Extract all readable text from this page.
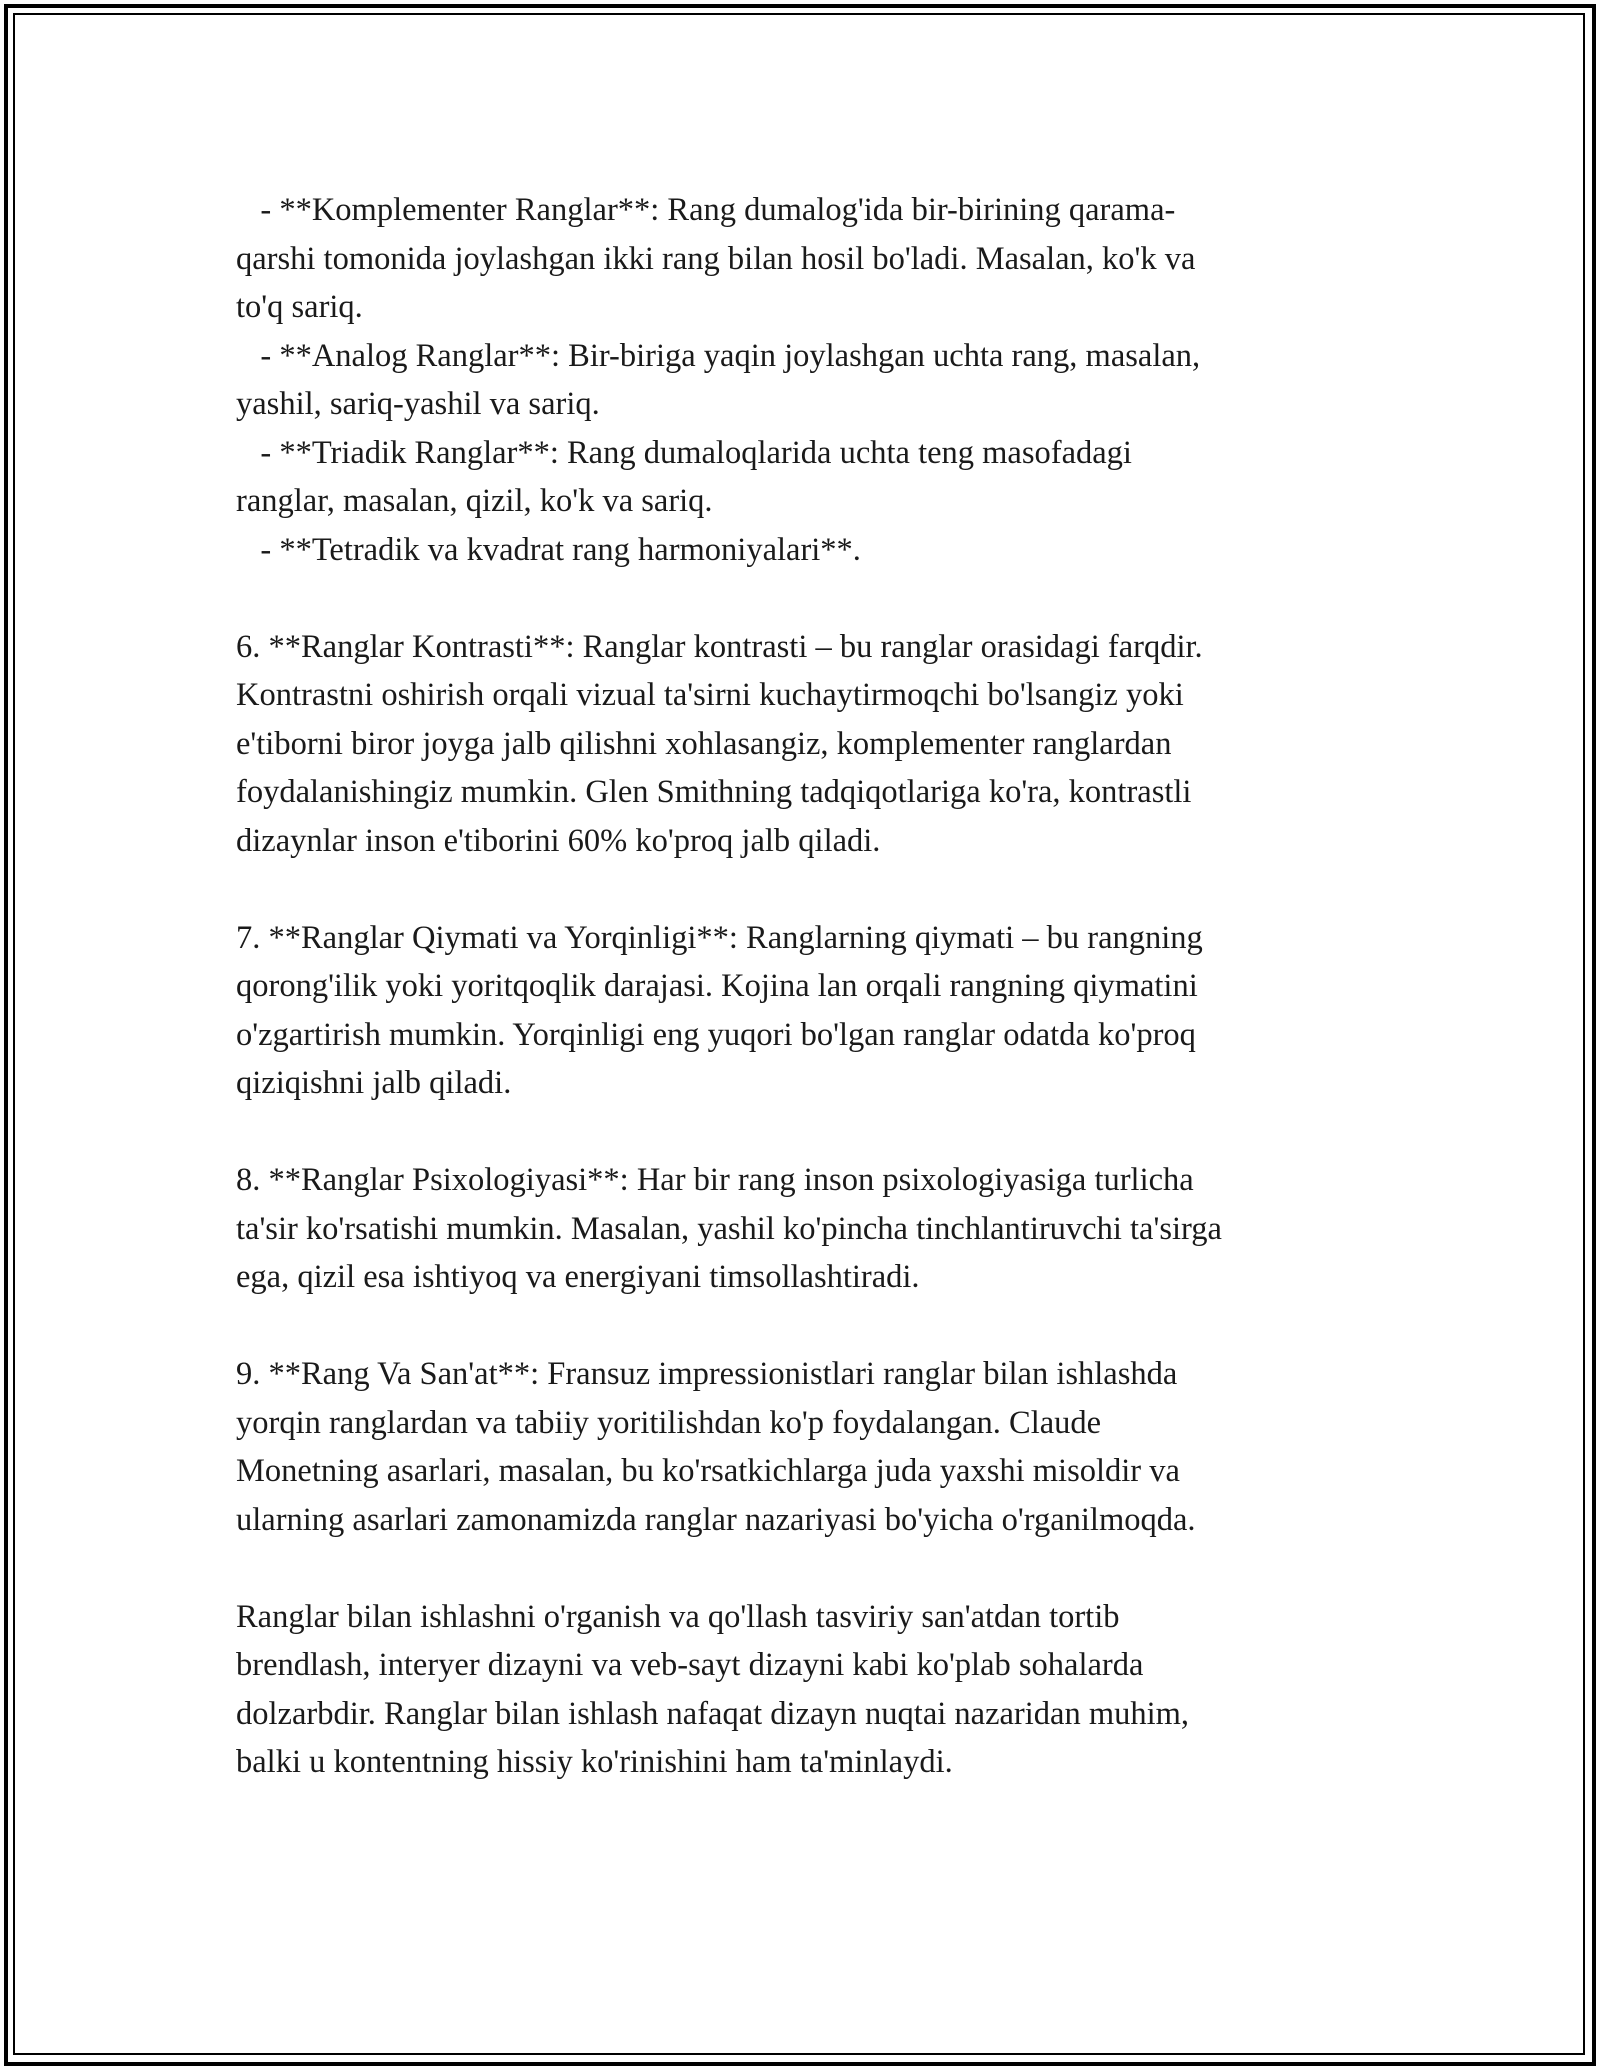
- **Komplementer Ranglar**: Rang dumalog'ida bir-birining qarama-
qarshi tomonida joylashgan ikki rang bilan hosil bo'ladi. Masalan, ko'k va
to'q sariq.
- **Analog Ranglar**: Bir-biriga yaqin joylashgan uchta rang, masalan,
yashil, sariq-yashil va sariq.
- **Triadik Ranglar**: Rang dumaloqlarida uchta teng masofadagi
ranglar, masalan, qizil, ko'k va sariq.
- **Tetradik va kvadrat rang harmoniyalari**.
6. **Ranglar Kontrasti**: Ranglar kontrasti – bu ranglar orasidagi farqdir.
Kontrastni oshirish orqali vizual ta'sirni kuchaytirmoqchi bo'lsangiz yoki
e'tiborni biror joyga jalb qilishni xohlasangiz, komplementer ranglardan
foydalanishingiz mumkin. Glen Smithning tadqiqotlariga ko'ra, kontrastli
dizaynlar inson e'tiborini 60% ko'proq jalb qiladi.
7. **Ranglar Qiymati va Yorqinligi**: Ranglarning qiymati – bu rangning
qorong'ilik yoki yoritqoqlik darajasi. Kojina lan orqali rangning qiymatini
o'zgartirish mumkin. Yorqinligi eng yuqori bo'lgan ranglar odatda ko'proq
qiziqishni jalb qiladi.
8. **Ranglar Psixologiyasi**: Har bir rang inson psixologiyasiga turlicha
ta'sir ko'rsatishi mumkin. Masalan, yashil ko'pincha tinchlantiruvchi ta'sirga
ega, qizil esa ishtiyoq va energiyani timsollashtiradi.
9. **Rang Va San'at**: Fransuz impressionistlari ranglar bilan ishlashda
yorqin ranglardan va tabiiy yoritilishdan ko'p foydalangan. Claude
Monetning asarlari, masalan, bu ko'rsatkichlarga juda yaxshi misoldir va
ularning asarlari zamonamizda ranglar nazariyasi bo'yicha o'rganilmoqda.
Ranglar bilan ishlashni o'rganish va qo'llash tasviriy san'atdan tortib
brendlash, interyer dizayni va veb-sayt dizayni kabi ko'plab sohalarda
dolzarbdir. Ranglar bilan ishlash nafaqat dizayn nuqtai nazaridan muhim,
balki u kontentning hissiy ko'rinishini ham ta'minlaydi.
